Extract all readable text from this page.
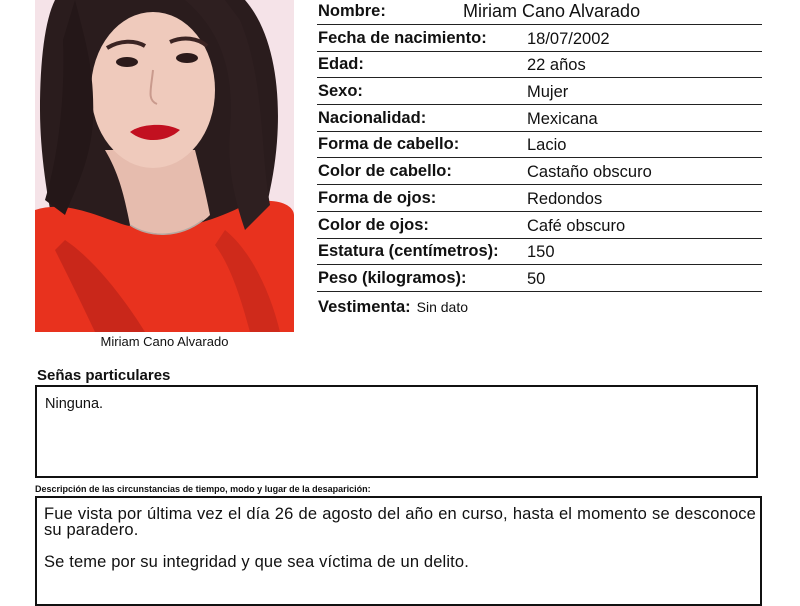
Miriam Cano Alvarado
Nombre:	Miriam Cano Alvarado
Fecha de nacimiento: 18/07/2002
Edad:	22 años
Sexo:	Mujer
Nacionalidad:	Mexicana
Forma de cabello:	Lacio
Color de cabello:	Castaño obscuro
Forma de ojos:	Redondos
Color de ojos:	Café obscuro
Estatura (centímetros): 150
Peso (kilogramos):	50
Vestimenta: Sin dato
Señas particulares
Ninguna.
Descripción de las circunstancias de tiempo, modo y lugar de la desaparición:

Fue vista por última vez el día 26 de agosto del año en curso, hasta el momento se desconoce su paradero.

Se teme por su integridad y que sea víctima de un delito.
